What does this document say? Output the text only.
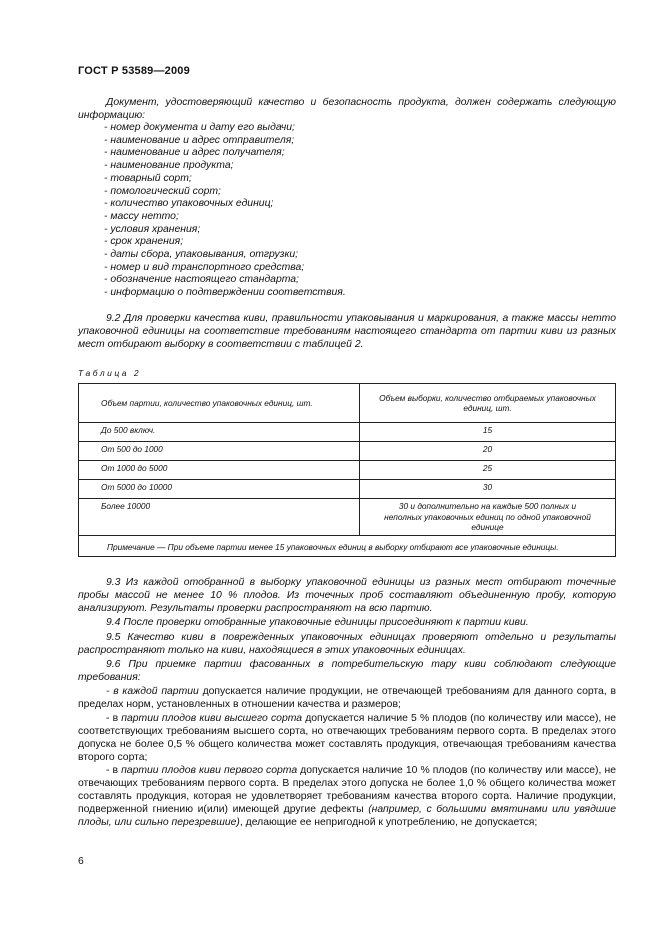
ГОСТ Р 53589—2009
Документ, удостоверяющий качество и безопасность продукта, должен содержать следующую информацию:
- номер документа и дату его выдачи;
- наименование и адрес отправителя;
- наименование и адрес получателя;
- наименование продукта;
- товарный сорт;
- помологический сорт;
- количество упаковочных единиц;
- массу нетто;
- условия хранения;
- срок хранения;
- даты сбора, упаковывания, отгрузки;
- номер и вид транспортного средства;
- обозначение настоящего стандарта;
- информацию о подтверждении соответствия.
9.2 Для проверки качества киви, правильности упаковывания и маркирования, а также массы нетто упаковочной единицы на соответствие требованиям настоящего стандарта от партии киви из разных мест отбирают выборку в соответствии с таблицей 2.
Таблица 2
Объем партии, количество упаковочных единиц, шт.	Объем выборки, количество отбираемых упаковочных единиц, шт.
До 500 включ.	15
От 500 до 1000	20
От 1000 до 5000	25
От 5000 до 10000	30
Более 10000	30 и дополнительно на каждые 500 полных и неполных упаковочных единиц по одной упаковочной единице
Примечание — При объеме партии менее 15 упаковочных единиц в выборку отбирают все упаковочные единицы.	
9.3 Из каждой отобранной в выборку упаковочной единицы из разных мест отбирают точечные пробы массой не менее 10 % плодов. Из точечных проб составляют объединенную пробу, которую анализируют. Результаты проверки распространяют на всю партию.
9.4 После проверки отобранные упаковочные единицы присоединяют к партии киви.
9.5 Качество киви в поврежденных упаковочных единицах проверяют отдельно и результаты распространяют только на киви, находящиеся в этих упаковочных единицах.
9.6 При приемке партии фасованных в потребительскую тару киви соблюдают следующие требования:
- в каждой партии допускается наличие продукции, не отвечающей требованиям для данного сорта, в пределах норм, установленных в отношении качества и размеров;
- в партии плодов киви высшего сорта допускается наличие 5 % плодов (по количеству или массе), не соответствующих требованиям высшего сорта, но отвечающих требованиям первого сорта. В пределах этого допуска не более 0,5 % общего количества может составлять продукция, отвечающая требованиям качества второго сорта;
- в партии плодов киви первого сорта допускается наличие 10 % плодов (по количеству или массе), не отвечающих требованиям первого сорта. В пределах этого допуска не более 1,0 % общего количества может составлять продукция, которая не удовлетворяет требованиям качества второго сорта. Наличие продукции, подверженной гниению и(или) имеющей другие дефекты (например, с большими вмятинами или увядшие плоды, или сильно перезревшие), делающие ее непригодной к употреблению, не допускается;
6
